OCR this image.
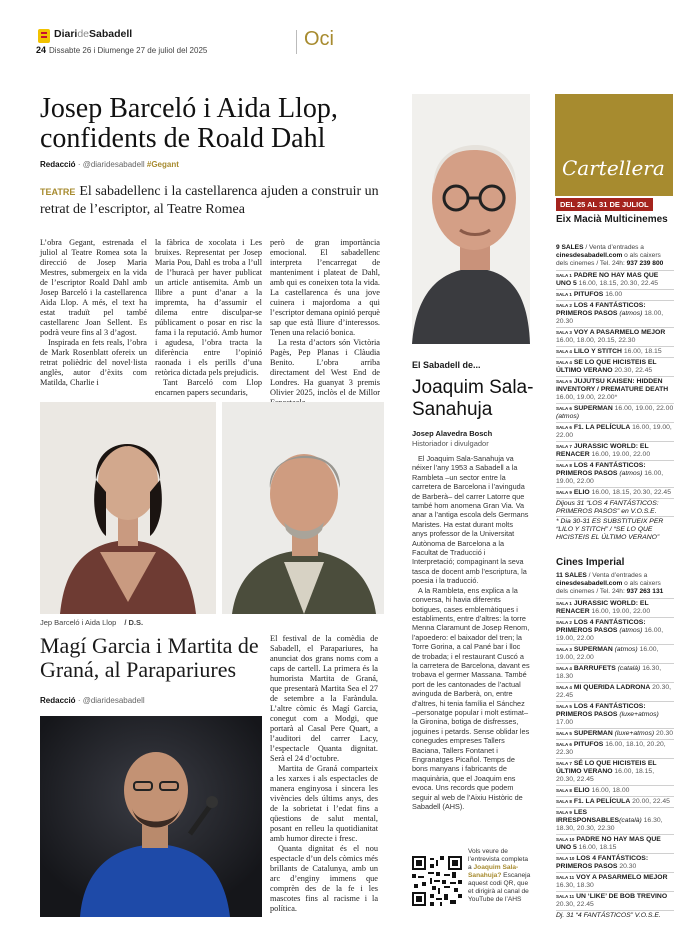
DiarideSabadell
24 Dissabte 26 i Diumenge 27 de juliol del 2025
Oci
Josep Barceló i Aida Llop, confidents de Roald Dahl
Redacció · @diaridesabadell #Gegant
TEATRE El sabadellenc i la castellarenca ajuden a construir un retrat de l’escriptor, al Teatre Romea

L’obra Gegant, estrenada el juliol al Teatre Romea sota la direcció de Josep Maria Mestres, submergeix en la vida de l’escriptor Roald Dahl amb Josep Barceló i la castellarenca Aida Llop. A més, el text ha estat traduït pel també castellarenc Joan Sellent. Es podrà veure fins al 3 d’agost.

Inspirada en fets reals, l’obra de Mark Rosenblatt ofereix un retrat polièdric del novel·lista anglès, autor d’èxits com Matilda, Charlie i

la fàbrica de xocolata i Les bruixes. Representat per Josep Maria Pou, Dahl es troba a l’ull de l’huracà per haver publicat un article antisemita. Amb un llibre a punt d’anar a la impremta, ha d’assumir el dilema entre disculpar-se públicament o posar en risc la fama i la reputació. Amb humor i agudesa, l’obra tracta la diferència entre l’opinió raonada i els perills d’una retòrica dictada pels prejudicis.

Tant Barceló com Llop encarnen papers secundaris,

però de gran importància emocional. El sabadellenc interpreta l’encarregat de manteniment i plateat de Dahl, amb qui es coneixen tota la vida. La castellarenca és una jove cuinera i majordoma a qui l’escriptor demana opinió perquè sap que està lliure d’interessos. Tenen una relació bonica.

La resta d’actors són Victòria Pagès, Pep Planas i Clàudia Benito. L’obra arriba directament del West End de Londres. Ha guanyat 3 premis Olivier 2025, inclòs el de Millor

Jep Barceló i Aida Llop / D.S.
Magí Garcia i Martita de Graná, al Parapariures
Redacció · @diaridesabadell

El festival de la comèdia de Sabadell, el Parapariures, ha anunciat dos grans noms com a caps de cartell. La primera és la humorista Martita de Graná, que presentarà Martita Sea el 27 de setembre a la Faràndula. L’altre còmic és Magí Garcia, conegut com a Modgi, que portarà al Casal Pere Quart, a l’auditori del carrer Lacy, l’espectacle Quanta dignitat. Serà el 24 d’octubre.

Martita de Graná comparteix a les xarxes i als espectacles de manera enginyosa i sincera les vivències dels últims anys, des de la sobrietat i l’edat fins a qüestions de salut mental, posant en relleu la quotidianitat amb humor directe i fresc.

Quanta dignitat és el nou espectacle d’un dels còmics més brillants de Catalunya, amb un arc d’enginy immens que comprèn des de la fe i les mascotes fins al racisme i la política.

El Sabadell de...
Joaquim Sala-Sanahuja
Josep Alavedra Bosch
Historiador i divulgador

El Joaquim Sala-Sanahuja va néixer l’any 1953 a Sabadell a la Rambleta –un sector entre la carretera de Barcelona i l’avinguda de Barberà– del carrer Latorre que també hom anomena Gran Via. Va anar a l’antiga escola dels Germans Maristes. Ha estat durant molts anys professor de la Universitat Autònoma de Barcelona a la Facultat de Traducció i Interpretació; compaginant la seva tasca de docent amb l’escriptura, la poesia i la traducció.

A la Rambleta, ens explica a la conversa, hi havia diferents botigues, cases emblemàtiques i establiments, entre d’altres: la torre Menna Claramunt de Josep Renom, l’apoedero: el baixador del tren; la Torre Gorina, a cal Pané bar i lloc de trobada; i el restaurant Cuscó a la carretera de Barcelona, davant es trobava el germer Massana. També port de les cantonades de l’actual avinguda de Barberà, on, entre d’altres, hi tenia família el Sánchez –personatge popular i molt estimat– la Gironina, botiga de disfresses, joguines i petards. Sense oblidar les conegudes empreses Tallers Baciana, Tallers Fontanet i Engranatges Picañol. Temps de bons manyans i fabricants de maquinària, que el Joaquim ens evoca. Uns records que podem seguir al web de l’Aixiu Històric de Sabadell (AHS).

Vols veure de l’entrevista completa a Joaquim Sala-Sanahuja? Escaneja aquest codi QR, que et dirigirà al canal de YouTube de l’AHS
Cartellera
DEL 25 AL 31 DE JULIOL
Eix Macià Multicinemes
9 SALES / Venta d’entrades a cinesdesabadell.com o als caixers dels cinemes / Tel. 24h: 937 239 800
$^{SALA 1}$ PADRE NO HAY MAS QUE UNO 5 16.00, 18.15, 20.30, 22.45
$^{SALA 1}$ PITUFOS 16.00
$^{SALA 2}$ LOS 4 FANTÁSTICOS: PRIMEROS PASOS (atmos) 18.00, 20.30
$^{SALA 3}$ VOY A PASARMELO MEJOR 16.00, 18.00, 20.15, 22.30
$^{SALA 4}$ LILO Y STITCH 16.00, 18.15
$^{SALA 4}$ SE LO QUE HICISTEIS EL ÚLTIMO VERANO 20.30, 22.45
$^{SALA 5}$ JUJUTSU KAISEN: HIDDEN INVENTORY / PREMATURE DEATH 16.00, 19.00, 22.00*
$^{SALA 6}$ SUPERMAN 16.00, 19.00, 22.00 (atmos)
$^{SALA 6}$ F1. LA PELÍCULA 16.00, 19.00, 22.00
$^{SALA 7}$ JURASSIC WORLD: EL RENACER 16.00, 19.00, 22.00
$^{SALA 8}$ LOS 4 FANTÁSTICOS: PRIMEROS PASOS (atmos) 16.00, 19.00, 22.00
$^{SALA 9}$ ELIO 16.00, 18.15, 20.30, 22.45
Dijous 31 “LOS 4 FANTÁSTICOS: PRIMEROS PASOS” en V.O.S.E.
* Dia 30-31 ES SUBSTITUEIX PER “LILO Y STITCH” / “SE LO QUE HICISTEIS EL ÚLTIMO VERANO”
Cines Imperial
11 SALES / Venta d’entrades a cinesdesabadell.com o als caixers dels cinemes / Tel. 24h: 937 263 131
$^{SALA 1}$ JURASSIC WORLD: EL RENACER 16.00, 19.00, 22.00
$^{SALA 2}$ LOS 4 FANTÁSTICOS: PRIMEROS PASOS (atmos) 16.00, 19.00, 22.00
$^{SALA 3}$ SUPERMAN (atmos) 16.00, 19.00, 22.00
$^{SALA 4}$ BARRUFETS (català) 16.30, 18.30
$^{SALA 4}$ MI QUERIDA LADRONA 20.30, 22.45
$^{SALA 5}$ LOS 4 FANTÁSTICOS: PRIMEROS PASOS (luxe+atmos) 17.00
$^{SALA 5}$ SUPERMAN (luxe+atmos) 20.30
$^{SALA 6}$ PITUFOS 16.00, 18.10, 20.20, 22.30
$^{SALA 7}$ SÉ LO QUE HICISTEIS EL ÚLTIMO VERANO 16.00, 18.15, 20.30, 22.45
$^{SALA 8}$ ELIO 16.00, 18.00
$^{SALA 8}$ F1. LA PELÍCULA 20.00, 22.45
$^{SALA 9}$ LES IRRESPONSABLES(català) 16.30, 18.30, 20.30, 22.30
$^{SALA 10}$ PADRE NO HAY MAS QUE UNO 5 16.00, 18.15
$^{SALA 10}$ LOS 4 FANTÁSTICOS: PRIMEROS PASOS 20.30
$^{SALA 11}$ VOY A PASARMELO MEJOR 16.30, 18.30
$^{SALA 11}$ UN ‘LIKE’ DE BOB TREVINO 20.30, 22.45
Dj. 31 “4 FANTÁSTICOS” V.O.S.E.
